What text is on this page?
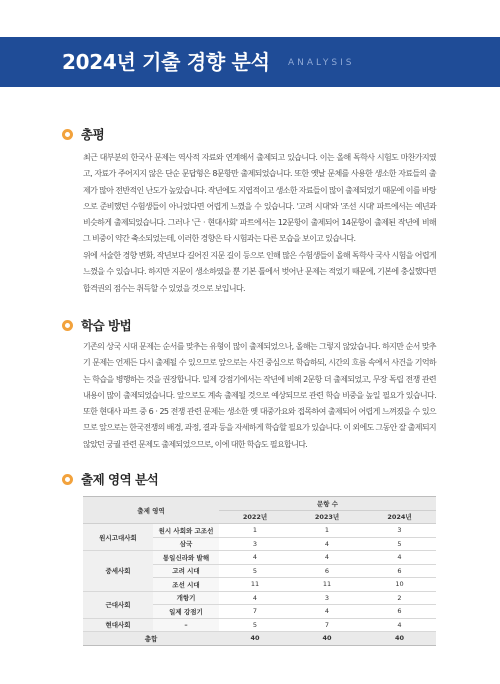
2024년 기출 경향 분석 ANALYSIS
총평

최근 대부분의 한국사 문제는 역사적 자료와 연계해서 출제되고 있습니다. 이는 올해 독학사 시험도 마찬가지였고, 자료가 주어지지 않은 단순 문답형은 8문항만 출제되었습니다. 또한 옛날 문체를 사용한 생소한 자료들의 출제가 많아 전반적인 난도가 높았습니다. 작년에도 지엽적이고 생소한 자료들이 많이 출제되었기 때문에 이를 바탕으로 준비했던 수험생들이 아니었다면 어렵게 느꼈을 수 있습니다. '고려 시대'와 '조선 시대' 파트에서는 예년과 비슷하게 출제되었습니다. 그러나 '근 · 현대사회' 파트에서는 12문항이 출제되어 14문항이 출제된 작년에 비해 그 비중이 약간 축소되었는데, 이러한 경향은 타 시험과는 다른 모습을 보이고 있습니다.

위에 서술한 경향 변화, 작년보다 길어진 지문 길이 등으로 인해 많은 수험생들이 올해 독학사 국사 시험을 어렵게 느꼈을 수 있습니다. 하지만 지문이 생소하였을 뿐 기본 틀에서 벗어난 문제는 적었기 때문에, 기본에 충실했다면 합격권의 점수는 취득할 수 있었을 것으로 보입니다.

학습 방법

기존의 상국 시대 문제는 순서를 맞추는 유형이 많이 출제되었으나, 올해는 그렇지 않았습니다. 하지만 순서 맞추기 문제는 언제든 다시 출제될 수 있으므로 앞으로는 사건 중심으로 학습하되, 시간의 흐름 속에서 사건을 기억하는 학습을 병행하는 것을 권장합니다. 일제 강점기에서는 작년에 비해 2문항 더 출제되었고, 무장 독립 전쟁 관련 내용이 많이 출제되었습니다. 앞으로도 계속 출제될 것으로 예상되므로 관련 학습 비중을 높일 필요가 있습니다. 또한 현대사 파트 중 6 · 25 전쟁 관련 문제는 생소한 옛 대중가요와 접목하여 출제되어 어렵게 느껴졌을 수 있으므로 앞으로는 한국전쟁의 배경, 과정, 결과 등을 자세하게 학습할 필요가 있습니다. 이 외에도 그동안 잘 출제되지 않았던 궁궐 관련 문제도 출제되었으므로, 이에 대한 학습도 필요합니다.

출제 영역 분석
출제 영역		문항 수		
		2022년	2023년	2024년
원시고대사회	원시 사회와 고조선	1	1	3
	삼국	3	4	5
중세사회	통일신라와 발해	4	4	4
	고려 시대	5	6	6
	조선 시대	11	11	10
근대사회	개항기	4	3	2
	일제 강점기	7	4	6
현대사회	–	5	7	4
총합		40	40	40
